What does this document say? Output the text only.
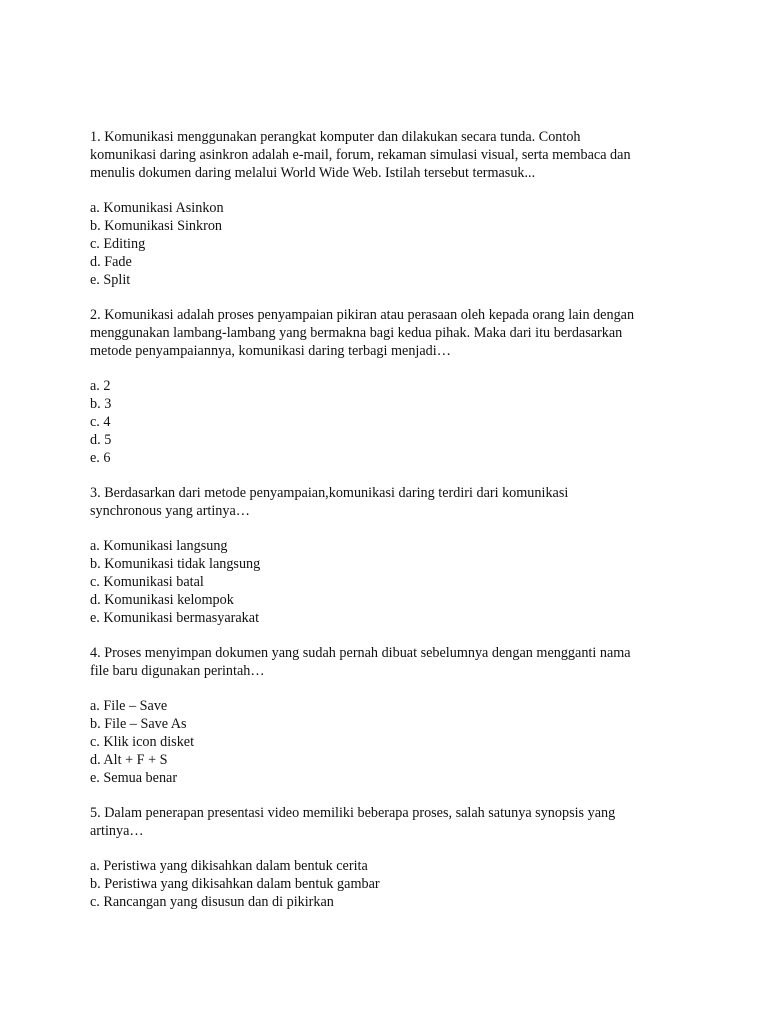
1. Komunikasi menggunakan perangkat komputer dan dilakukan secara tunda. Contoh
komunikasi daring asinkron adalah e-mail, forum, rekaman simulasi visual, serta membaca dan
menulis dokumen daring melalui World Wide Web. Istilah tersebut termasuk...
a. Komunikasi Asinkon
b. Komunikasi Sinkron
c. Editing
d. Fade
e. Split
2. Komunikasi adalah proses penyampaian pikiran atau perasaan oleh kepada orang lain dengan
menggunakan lambang-lambang yang bermakna bagi kedua pihak. Maka dari itu berdasarkan
metode penyampaiannya, komunikasi daring terbagi menjadi…
a. 2
b. 3
c. 4
d. 5
e. 6
3. Berdasarkan dari metode penyampaian,komunikasi daring terdiri dari komunikasi
synchronous yang artinya…
a. Komunikasi langsung
b. Komunikasi tidak langsung
c. Komunikasi batal
d. Komunikasi kelompok
e. Komunikasi bermasyarakat
4. Proses menyimpan dokumen yang sudah pernah dibuat sebelumnya dengan mengganti nama
file baru digunakan perintah…
a. File – Save
b. File – Save As
c. Klik icon disket
d. Alt + F + S
e. Semua benar
5. Dalam penerapan presentasi video memiliki beberapa proses, salah satunya synopsis yang
artinya…
a. Peristiwa yang dikisahkan dalam bentuk cerita
b. Peristiwa yang dikisahkan dalam bentuk gambar
c. Rancangan yang disusun dan di pikirkan
